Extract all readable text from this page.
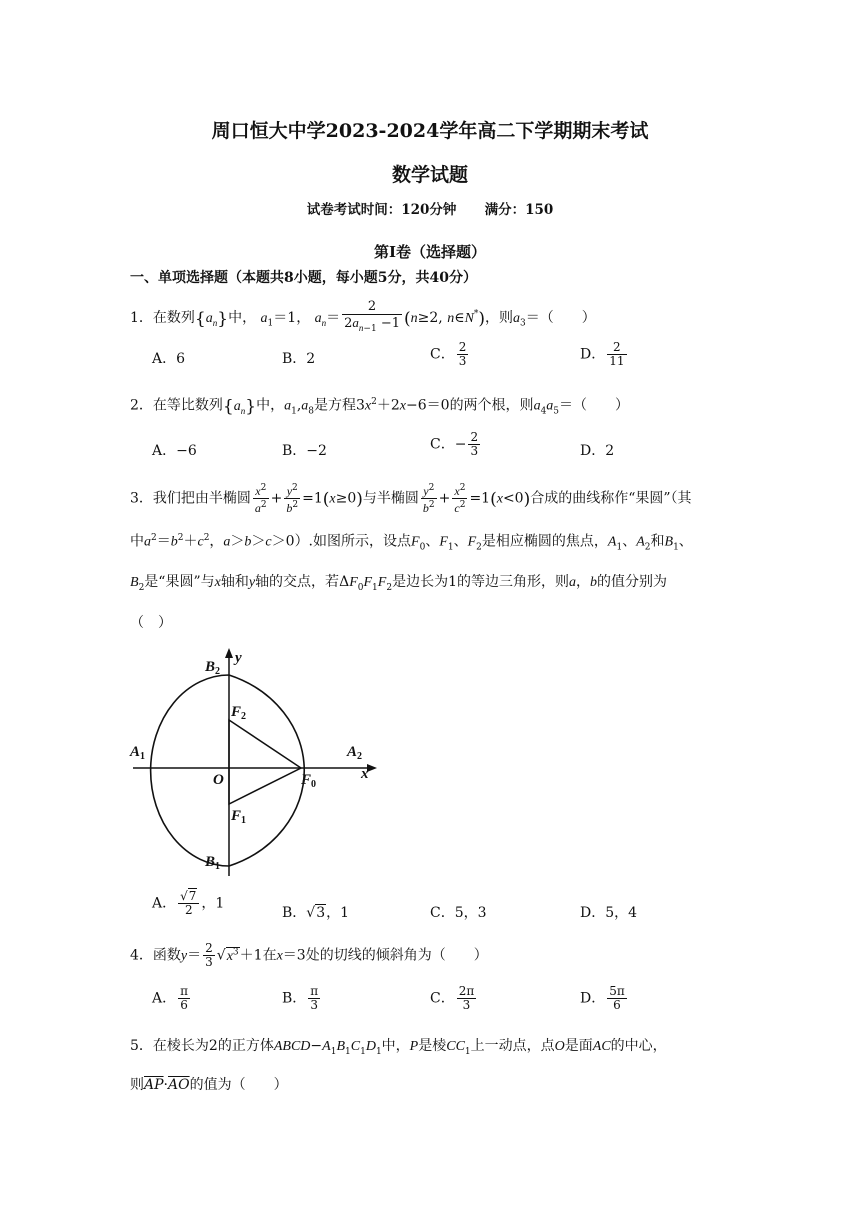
周口恒大中学2023-2024学年高二下学期期末考试
数学试题
试卷考试时间：120分钟 满分：150
第Ⅰ卷（选择题）
一、单项选择题（本题共8小题，每小题5分，共40分）
1．在数列$\{a_n\}$中， $a_1=1$， $a_n= \frac{2}{2a_{n-1} -1} (n\ge 2$, n∈N*)，则$a_3=$（　　）
A．6	B．2	C． $\frac{2}{3}$	D． $\frac{2}{11}$
2．在等比数列$\{a_n\}$中，$a_1,a_8$是方程$3x^2+2x-6=0$的两个根，则$a_4a_5=$（　　）
A．−6	B．−2	C．− $\frac{2}{3}$	D．2
3．我们把由半椭圆 $\frac{x^2}{a^2} + \frac{y^2}{b^2} =1(x\ge 0)$与半椭圆 $\frac{y^2}{b^2} + \frac{x^2}{c^2} =1(x<0)$合成的曲线称作“果圆”（其
中$a^2=b^2+c^2$，a＞b＞c＞0）.如图所示，设点$F_0$、$F_1$、$F_2$是相应椭圆的焦点，$A_1$、$A_2$和$B_1$、
$B_2$是“果圆”与x轴和y轴的交点，若$\Delta F_0F_1F_2$是边长为1的等边三角形，则a，b的值分别为
（　）
y
x
O
$B_2$
$B_1$
$A_1$	$A_2$
$F_2$
$F_1$
$F_0$
A． $\frac{√7}{2}$ ，1
B．√3，1	C．5，3	D．5，4
4．函数$y= \frac{2}{3} √x^3+1$在x＝3处的切线的倾斜角为（　　）
A． $\frac{\pi}{6}$	B． $\frac{\pi}{3}$	C． $\frac{2\pi}{3}$	D． $\frac{5\pi}{6}$
5．在棱长为2的正方体$ABCD-A_1B_1C_1D_1$中，P是棱$CC_1$上一动点，点O是面AC的中心，
则$\overline{AP}\cdot\overline{AO}$的值为（　　）
